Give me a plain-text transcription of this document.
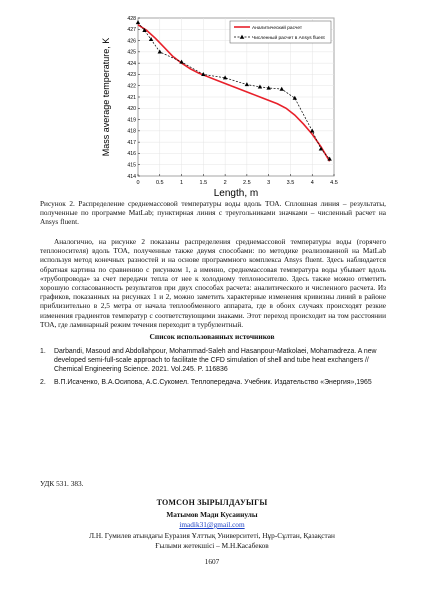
0	0.5	1	1.5	2	2.5	3	3.5	4	4.5
414
415
416
417
418
419
420
421
422
423
424
425
426
427
428
Length, m
Mass average temperature, K
Аналитический расчет
Численный расчет в Ansys fluent
Рисунок 2. Распределение среднемассовой температуры воды вдоль ТОА. Сплошная линия – результаты, полученные по программе MatLab; пунктирная линия с треугольниками значками – численный расчет на Ansys fluent.
Аналогично, на рисунке 2 показаны распределения среднемассовой температуры воды (горячего теплоносителя) вдоль ТОА, полученные также двумя способами: по методике реализованной на MatLab используя метод конечных разностей и на основе программного комплекса Ansys fluent. Здесь наблюдается обратная картина по сравнению с рисунком 1, а именно, среднемассовая температура воды убывает вдоль «трубопровода» за счет передачи тепла от нее к холодному теплоносителю. Здесь также можно отметить хорошую согласованность результатов при двух способах расчета: аналитического и численного расчета. Из графиков, показанных на рисунках 1 и 2, можно заметить характерные изменения кривизны линий в районе приблизительно в 2,5 метра от начала теплообменного аппарата, где в обоих случаях происходят резкие изменения градиентов температур с соответствующими знаками. Этот переход происходит на том расстоянии ТОА, где ламинарный режим течения переходит в турбулентный.
Список использованных источников
1. Darbandi, Masoud and Abdollahpour, Mohammad-Saleh and Hasanpour-Matkolaei, Mohamadreza. A new developed semi-full-scale approach to facilitate the CFD simulation of shell and tube heat exchangers // Chemical Engineering Science. 2021. Vol.245. P. 116836
2. В.П.Исаченко, В.А.Осипова, А.С.Сукомел. Теплопередача. Учебник. Издательство «Энергия»,1965
УДК 531. 383.
ТОМСОН ЗЫРЫЛДАУЫГЫ
Матымов Мади Кусаинулы
imadik31@gmail.com
Л.Н. Гумилев атындағы Еуразия Ұлттық Университеті, Нұр-Сұлтан, Қазақстан
Ғылыми жетекшісі – М.Н.Касабеков
1607
